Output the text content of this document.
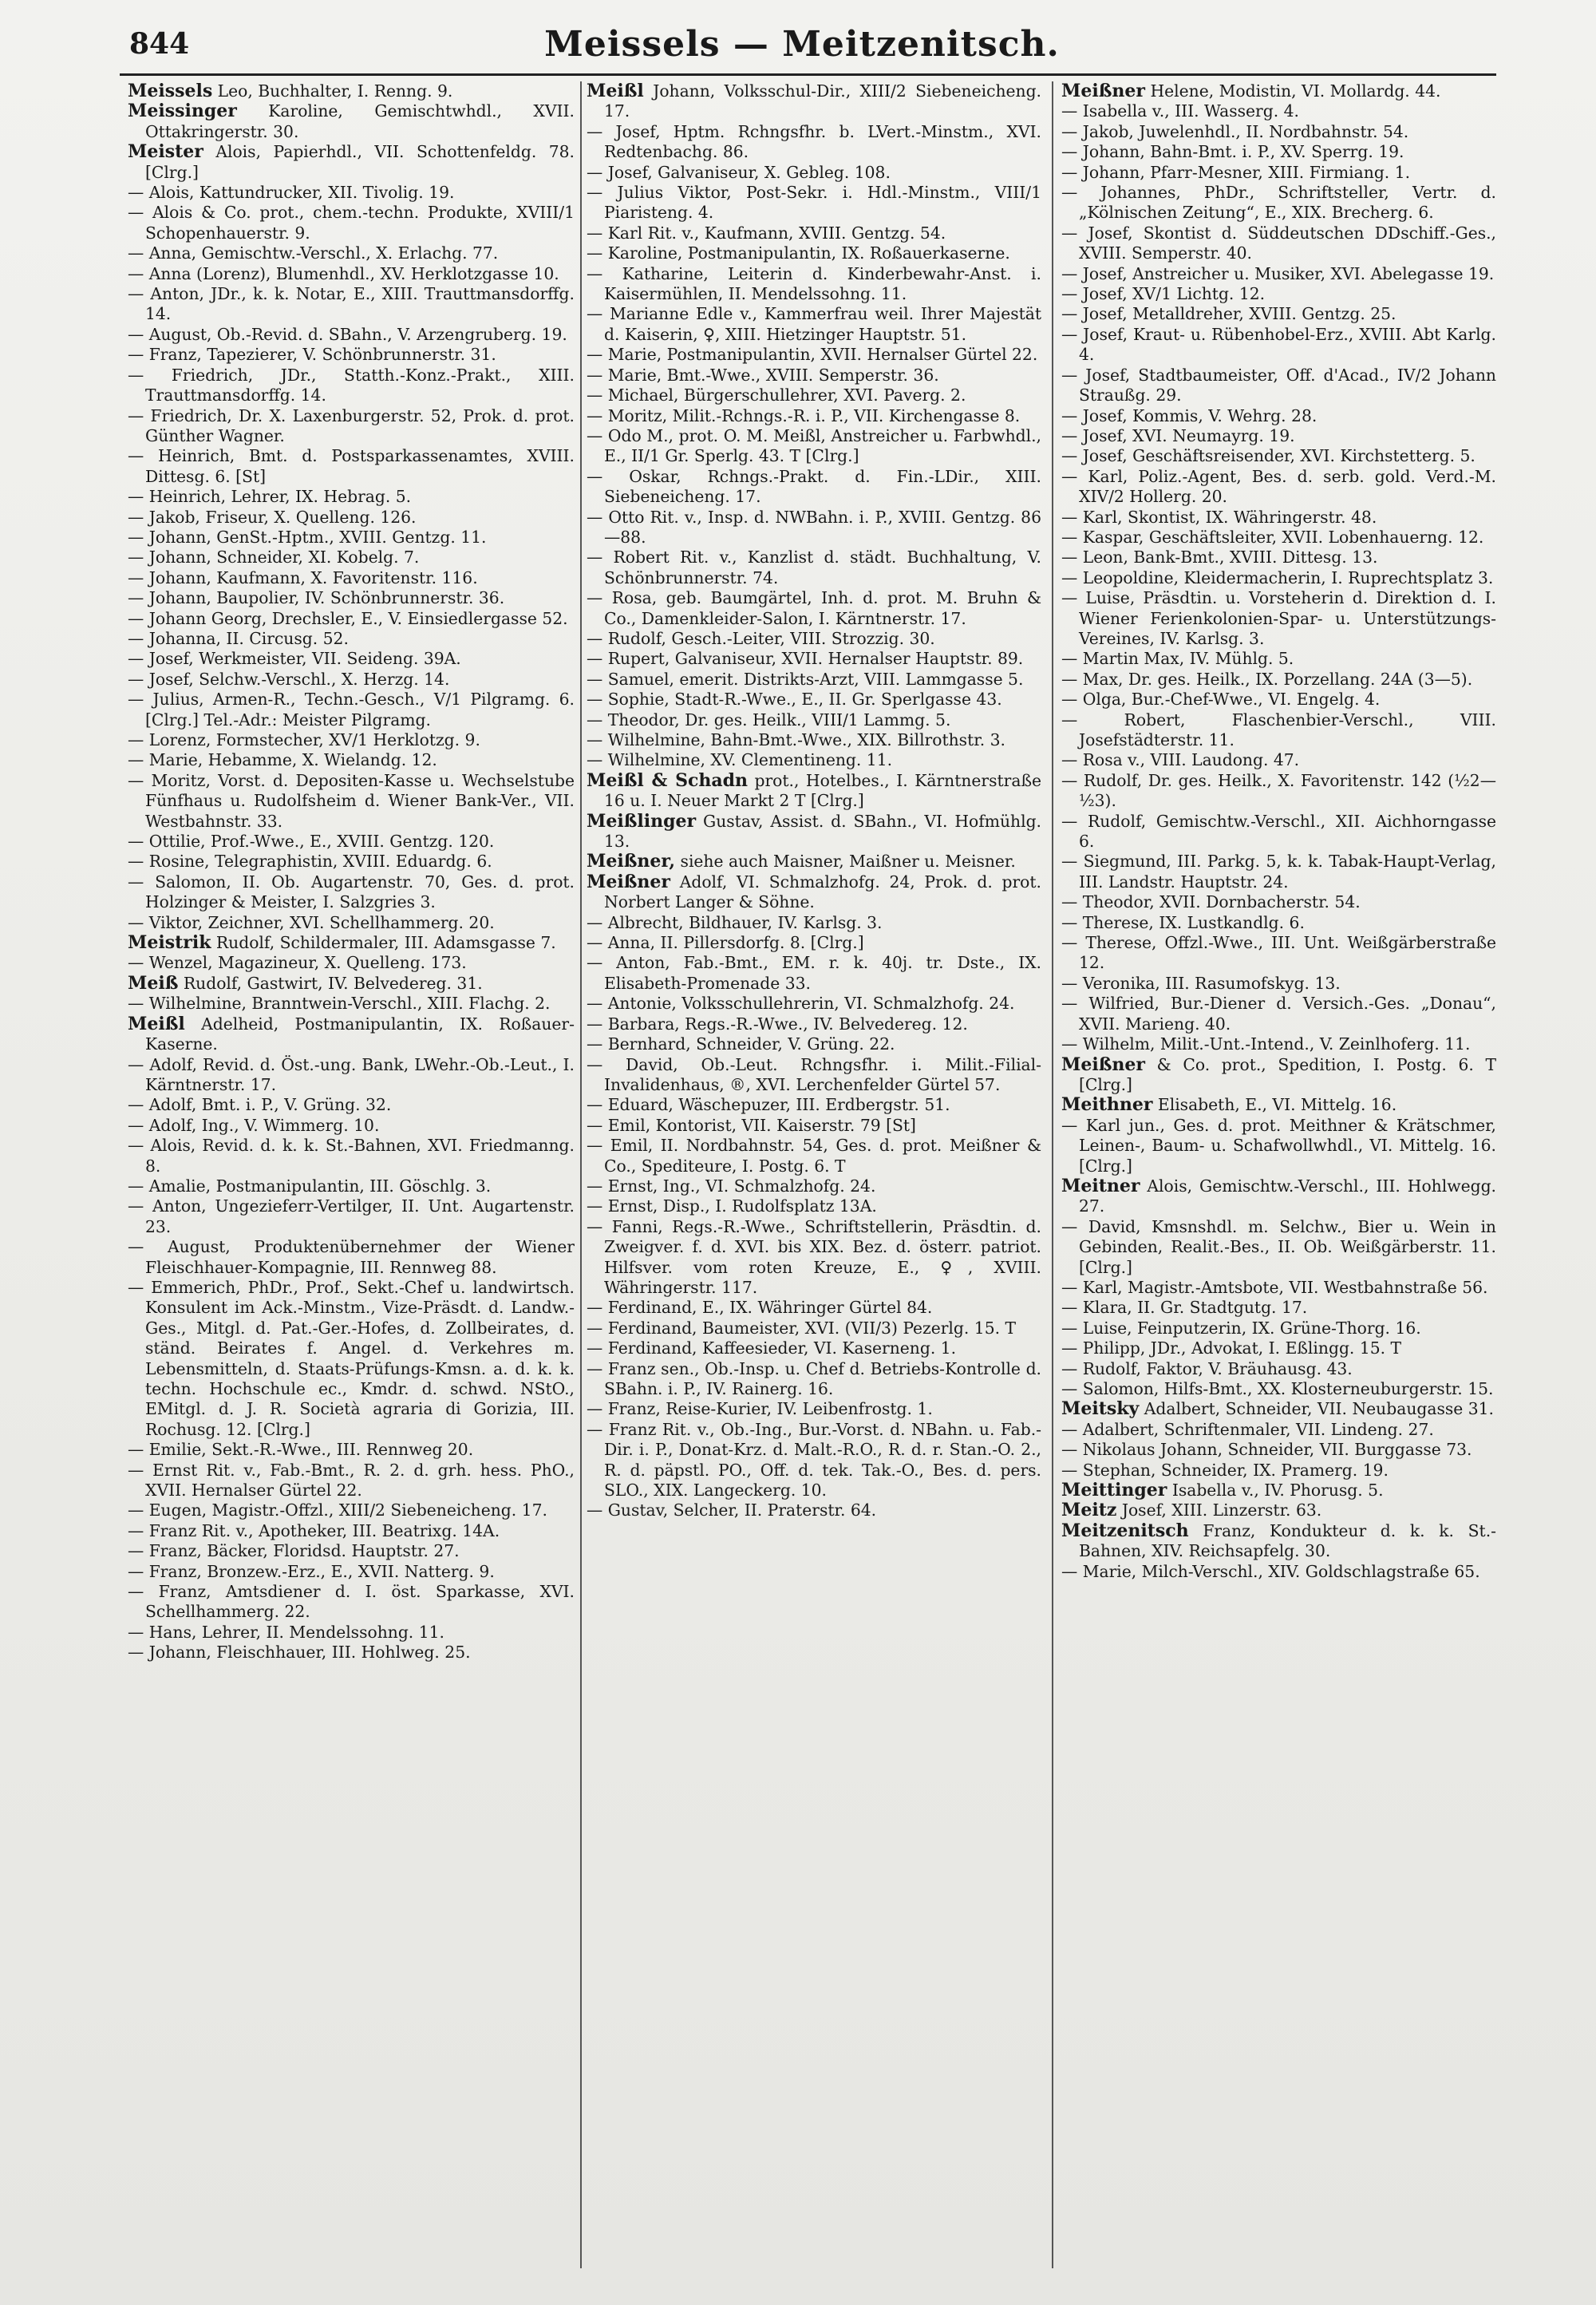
844	Meissels — Meitzenitsch.
Meissels Leo, Buchhalter, I. Renng. 9.
Meissinger Karoline, Gemischtwhdl., XVII. Ottakringerstr. 30.
Meister Alois, Papierhdl., VII. Schottenfeldg. 78. [Clrg.]
— Alois, Kattundrucker, XII. Tivolig. 19.
— Alois & Co. prot., chem.-techn. Produkte, XVIII/1 Schopenhauerstr. 9.
— Anna, Gemischtw.-Verschl., X. Erlachg. 77.
— Anna (Lorenz), Blumenhdl., XV. Herklotzgasse 10.
— Anton, JDr., k. k. Notar, E., XIII. Trauttmansdorffg. 14.
— August, Ob.-Revid. d. SBahn., V. Arzengruberg. 19.
— Franz, Tapezierer, V. Schönbrunnerstr. 31.
— Friedrich, JDr., Statth.-Konz.-Prakt., XIII. Trauttmansdorffg. 14.
— Friedrich, Dr. X. Laxenburgerstr. 52, Prok. d. prot. Günther Wagner.
— Heinrich, Bmt. d. Postsparkassenamtes, XVIII. Dittesg. 6. [St]
— Heinrich, Lehrer, IX. Hebrag. 5.
— Jakob, Friseur, X. Quelleng. 126.
— Johann, GenSt.-Hptm., XVIII. Gentzg. 11.
— Johann, Schneider, XI. Kobelg. 7.
— Johann, Kaufmann, X. Favoritenstr. 116.
— Johann, Baupolier, IV. Schönbrunnerstr. 36.
— Johann Georg, Drechsler, E., V. Einsiedlergasse 52.
— Johanna, II. Circusg. 52.
— Josef, Werkmeister, VII. Seideng. 39A.
— Josef, Selchw.-Verschl., X. Herzg. 14.
— Julius, Armen-R., Techn.-Gesch., V/1 Pilgramg. 6. [Clrg.] Tel.-Adr.: Meister Pilgramg.
— Lorenz, Formstecher, XV/1 Herklotzg. 9.
— Marie, Hebamme, X. Wielandg. 12.
— Moritz, Vorst. d. Depositen-Kasse u. Wechselstube Fünfhaus u. Rudolfsheim d. Wiener Bank-Ver., VII. Westbahnstr. 33.
— Ottilie, Prof.-Wwe., E., XVIII. Gentzg. 120.
— Rosine, Telegraphistin, XVIII. Eduardg. 6.
— Salomon, II. Ob. Augartenstr. 70, Ges. d. prot. Holzinger & Meister, I. Salzgries 3.
— Viktor, Zeichner, XVI. Schellhammerg. 20.
Meistrik Rudolf, Schildermaler, III. Adamsgasse 7.
— Wenzel, Magazineur, X. Quelleng. 173.
Meiß Rudolf, Gastwirt, IV. Belvedereg. 31.
— Wilhelmine, Branntwein-Verschl., XIII. Flachg. 2.
Meißl Adelheid, Postmanipulantin, IX. Roßauer-Kaserne.
— Adolf, Revid. d. Öst.-ung. Bank, LWehr.-Ob.-Leut., I. Kärntnerstr. 17.
— Adolf, Bmt. i. P., V. Grüng. 32.
— Adolf, Ing., V. Wimmerg. 10.
— Alois, Revid. d. k. k. St.-Bahnen, XVI. Friedmanng. 8.
— Amalie, Postmanipulantin, III. Göschlg. 3.
— Anton, Ungezieferr-Vertilger, II. Unt. Augartenstr. 23.
— August, Produktenübernehmer der Wiener Fleischhauer-Kompagnie, III. Rennweg 88.
— Emmerich, PhDr., Prof., Sekt.-Chef u. landwirtsch. Konsulent im Ack.-Minstm., Vize-Präsdt. d. Landw.-Ges., Mitgl. d. Pat.-Ger.-Hofes, d. Zollbeirates, d. ständ. Beirates f. Angel. d. Verkehres m. Lebensmitteln, d. Staats-Prüfungs-Kmsn. a. d. k. k. techn. Hochschule ec., Kmdr. d. schwd. NStO., EMitgl. d. J. R. Società agraria di Gorizia, III. Rochusg. 12. [Clrg.]
— Emilie, Sekt.-R.-Wwe., III. Rennweg 20.
— Ernst Rit. v., Fab.-Bmt., R. 2. d. grh. hess. PhO., XVII. Hernalser Gürtel 22.
— Eugen, Magistr.-Offzl., XIII/2 Siebeneicheng. 17.
— Franz Rit. v., Apotheker, III. Beatrixg. 14A.
— Franz, Bäcker, Floridsd. Hauptstr. 27.
— Franz, Bronzew.-Erz., E., XVII. Natterg. 9.
— Franz, Amtsdiener d. I. öst. Sparkasse, XVI. Schellhammerg. 22.
— Hans, Lehrer, II. Mendelssohng. 11.
— Johann, Fleischhauer, III. Hohlweg. 25.
Meißl Johann, Volksschul-Dir., XIII/2 Siebeneicheng. 17.
— Josef, Hptm. Rchngsfhr. b. LVert.-Minstm., XVI. Redtenbachg. 86.
— Josef, Galvaniseur, X. Gebleg. 108.
— Julius Viktor, Post-Sekr. i. Hdl.-Minstm., VIII/1 Piaristeng. 4.
— Karl Rit. v., Kaufmann, XVIII. Gentzg. 54.
— Karoline, Postmanipulantin, IX. Roßauerkaserne.
— Katharine, Leiterin d. Kinderbewahr-Anst. i. Kaisermühlen, II. Mendelssohng. 11.
— Marianne Edle v., Kammerfrau weil. Ihrer Majestät d. Kaiserin, ♀, XIII. Hietzinger Hauptstr. 51.
— Marie, Postmanipulantin, XVII. Hernalser Gürtel 22.
— Marie, Bmt.-Wwe., XVIII. Semperstr. 36.
— Michael, Bürgerschullehrer, XVI. Paverg. 2.
— Moritz, Milit.-Rchngs.-R. i. P., VII. Kirchengasse 8.
— Odo M., prot. O. M. Meißl, Anstreicher u. Farbwhdl., E., II/1 Gr. Sperlg. 43. T [Clrg.]
— Oskar, Rchngs.-Prakt. d. Fin.-LDir., XIII. Siebeneicheng. 17.
— Otto Rit. v., Insp. d. NWBahn. i. P., XVIII. Gentzg. 86—88.
— Robert Rit. v., Kanzlist d. städt. Buchhaltung, V. Schönbrunnerstr. 74.
— Rosa, geb. Baumgärtel, Inh. d. prot. M. Bruhn & Co., Damenkleider-Salon, I. Kärntnerstr. 17.
— Rudolf, Gesch.-Leiter, VIII. Strozzig. 30.
— Rupert, Galvaniseur, XVII. Hernalser Hauptstr. 89.
— Samuel, emerit. Distrikts-Arzt, VIII. Lammgasse 5.
— Sophie, Stadt-R.-Wwe., E., II. Gr. Sperlgasse 43.
— Theodor, Dr. ges. Heilk., VIII/1 Lammg. 5.
— Wilhelmine, Bahn-Bmt.-Wwe., XIX. Billrothstr. 3.
— Wilhelmine, XV. Clementineng. 11.
Meißl & Schadn prot., Hotelbes., I. Kärntnerstraße 16 u. I. Neuer Markt 2 T [Clrg.]
Meißlinger Gustav, Assist. d. SBahn., VI. Hofmühlg. 13.
Meißner, siehe auch Maisner, Maißner u. Meisner.
Meißner Adolf, VI. Schmalzhofg. 24, Prok. d. prot. Norbert Langer & Söhne.
— Albrecht, Bildhauer, IV. Karlsg. 3.
— Anna, II. Pillersdorfg. 8. [Clrg.]
— Anton, Fab.-Bmt., EM. r. k. 40j. tr. Dste., IX. Elisabeth-Promenade 33.
— Antonie, Volksschullehrerin, VI. Schmalzhofg. 24.
— Barbara, Regs.-R.-Wwe., IV. Belvedereg. 12.
— Bernhard, Schneider, V. Grüng. 22.
— David, Ob.-Leut. Rchngsfhr. i. Milit.-Filial-Invalidenhaus, ®, XVI. Lerchenfelder Gürtel 57.
— Eduard, Wäschepuzer, III. Erdbergstr. 51.
— Emil, Kontorist, VII. Kaiserstr. 79 [St]
— Emil, II. Nordbahnstr. 54, Ges. d. prot. Meißner & Co., Spediteure, I. Postg. 6. T
— Ernst, Ing., VI. Schmalzhofg. 24.
— Ernst, Disp., I. Rudolfsplatz 13A.
— Fanni, Regs.-R.-Wwe., Schriftstellerin, Präsdtin. d. Zweigver. f. d. XVI. bis XIX. Bez. d. österr. patriot. Hilfsver. vom roten Kreuze, E., ♀, XVIII. Währingerstr. 117.
— Ferdinand, E., IX. Währinger Gürtel 84.
— Ferdinand, Baumeister, XVI. (VII/3) Pezerlg. 15. T
— Ferdinand, Kaffeesieder, VI. Kaserneng. 1.
— Franz sen., Ob.-Insp. u. Chef d. Betriebs-Kontrolle d. SBahn. i. P., IV. Rainerg. 16.
— Franz, Reise-Kurier, IV. Leibenfrostg. 1.
— Franz Rit. v., Ob.-Ing., Bur.-Vorst. d. NBahn. u. Fab.-Dir. i. P., Donat-Krz. d. Malt.-R.O., R. d. r. Stan.-O. 2., R. d. päpstl. PO., Off. d. tek. Tak.-O., Bes. d. pers. SLO., XIX. Langeckerg. 10.
— Gustav, Selcher, II. Praterstr. 64.
Meißner Helene, Modistin, VI. Mollardg. 44.
— Isabella v., III. Wasserg. 4.
— Jakob, Juwelenhdl., II. Nordbahnstr. 54.
— Johann, Bahn-Bmt. i. P., XV. Sperrg. 19.
— Johann, Pfarr-Mesner, XIII. Firmiang. 1.
— Johannes, PhDr., Schriftsteller, Vertr. d. „Kölnischen Zeitung“, E., XIX. Brecherg. 6.
— Josef, Skontist d. Süddeutschen DDschiff.-Ges., XVIII. Semperstr. 40.
— Josef, Anstreicher u. Musiker, XVI. Abelegasse 19.
— Josef, XV/1 Lichtg. 12.
— Josef, Metalldreher, XVIII. Gentzg. 25.
— Josef, Kraut- u. Rübenhobel-Erz., XVIII. Abt Karlg. 4.
— Josef, Stadtbaumeister, Off. d'Acad., IV/2 Johann Straußg. 29.
— Josef, Kommis, V. Wehrg. 28.
— Josef, XVI. Neumayrg. 19.
— Josef, Geschäftsreisender, XVI. Kirchstetterg. 5.
— Karl, Poliz.-Agent, Bes. d. serb. gold. Verd.-M. XIV/2 Hollerg. 20.
— Karl, Skontist, IX. Währingerstr. 48.
— Kaspar, Geschäftsleiter, XVII. Lobenhauerng. 12.
— Leon, Bank-Bmt., XVIII. Dittesg. 13.
— Leopoldine, Kleidermacherin, I. Ruprechtsplatz 3.
— Luise, Präsdtin. u. Vorsteherin d. Direktion d. I. Wiener Ferienkolonien-Spar- u. Unterstützungs-Vereines, IV. Karlsg. 3.
— Martin Max, IV. Mühlg. 5.
— Max, Dr. ges. Heilk., IX. Porzellang. 24A (3—5).
— Olga, Bur.-Chef-Wwe., VI. Engelg. 4.
— Robert, Flaschenbier-Verschl., VIII. Josefstädterstr. 11.
— Rosa v., VIII. Laudong. 47.
— Rudolf, Dr. ges. Heilk., X. Favoritenstr. 142 (½2—½3).
— Rudolf, Gemischtw.-Verschl., XII. Aichhorngasse 6.
— Siegmund, III. Parkg. 5, k. k. Tabak-Haupt-Verlag, III. Landstr. Hauptstr. 24.
— Theodor, XVII. Dornbacherstr. 54.
— Therese, IX. Lustkandlg. 6.
— Therese, Offzl.-Wwe., III. Unt. Weißgärberstraße 12.
— Veronika, III. Rasumofskyg. 13.
— Wilfried, Bur.-Diener d. Versich.-Ges. „Donau“, XVII. Marieng. 40.
— Wilhelm, Milit.-Unt.-Intend., V. Zeinlhoferg. 11.
Meißner & Co. prot., Spedition, I. Postg. 6. T [Clrg.]
Meithner Elisabeth, E., VI. Mittelg. 16.
— Karl jun., Ges. d. prot. Meithner & Krätschmer, Leinen-, Baum- u. Schafwollwhdl., VI. Mittelg. 16. [Clrg.]
Meitner Alois, Gemischtw.-Verschl., III. Hohlwegg. 27.
— David, Kmsnshdl. m. Selchw., Bier u. Wein in Gebinden, Realit.-Bes., II. Ob. Weißgärberstr. 11. [Clrg.]
— Karl, Magistr.-Amtsbote, VII. Westbahnstraße 56.
— Klara, II. Gr. Stadtgutg. 17.
— Luise, Feinputzerin, IX. Grüne-Thorg. 16.
— Philipp, JDr., Advokat, I. Eßlingg. 15. T
— Rudolf, Faktor, V. Bräuhausg. 43.
— Salomon, Hilfs-Bmt., XX. Klosterneuburgerstr. 15.
Meitsky Adalbert, Schneider, VII. Neubaugasse 31.
— Adalbert, Schriftenmaler, VII. Lindeng. 27.
— Nikolaus Johann, Schneider, VII. Burggasse 73.
— Stephan, Schneider, IX. Pramerg. 19.
Meittinger Isabella v., IV. Phorusg. 5.
Meitz Josef, XIII. Linzerstr. 63.
Meitzenitsch Franz, Kondukteur d. k. k. St.-Bahnen, XIV. Reichsapfelg. 30.
— Marie, Milch-Verschl., XIV. Goldschlagstraße 65.
